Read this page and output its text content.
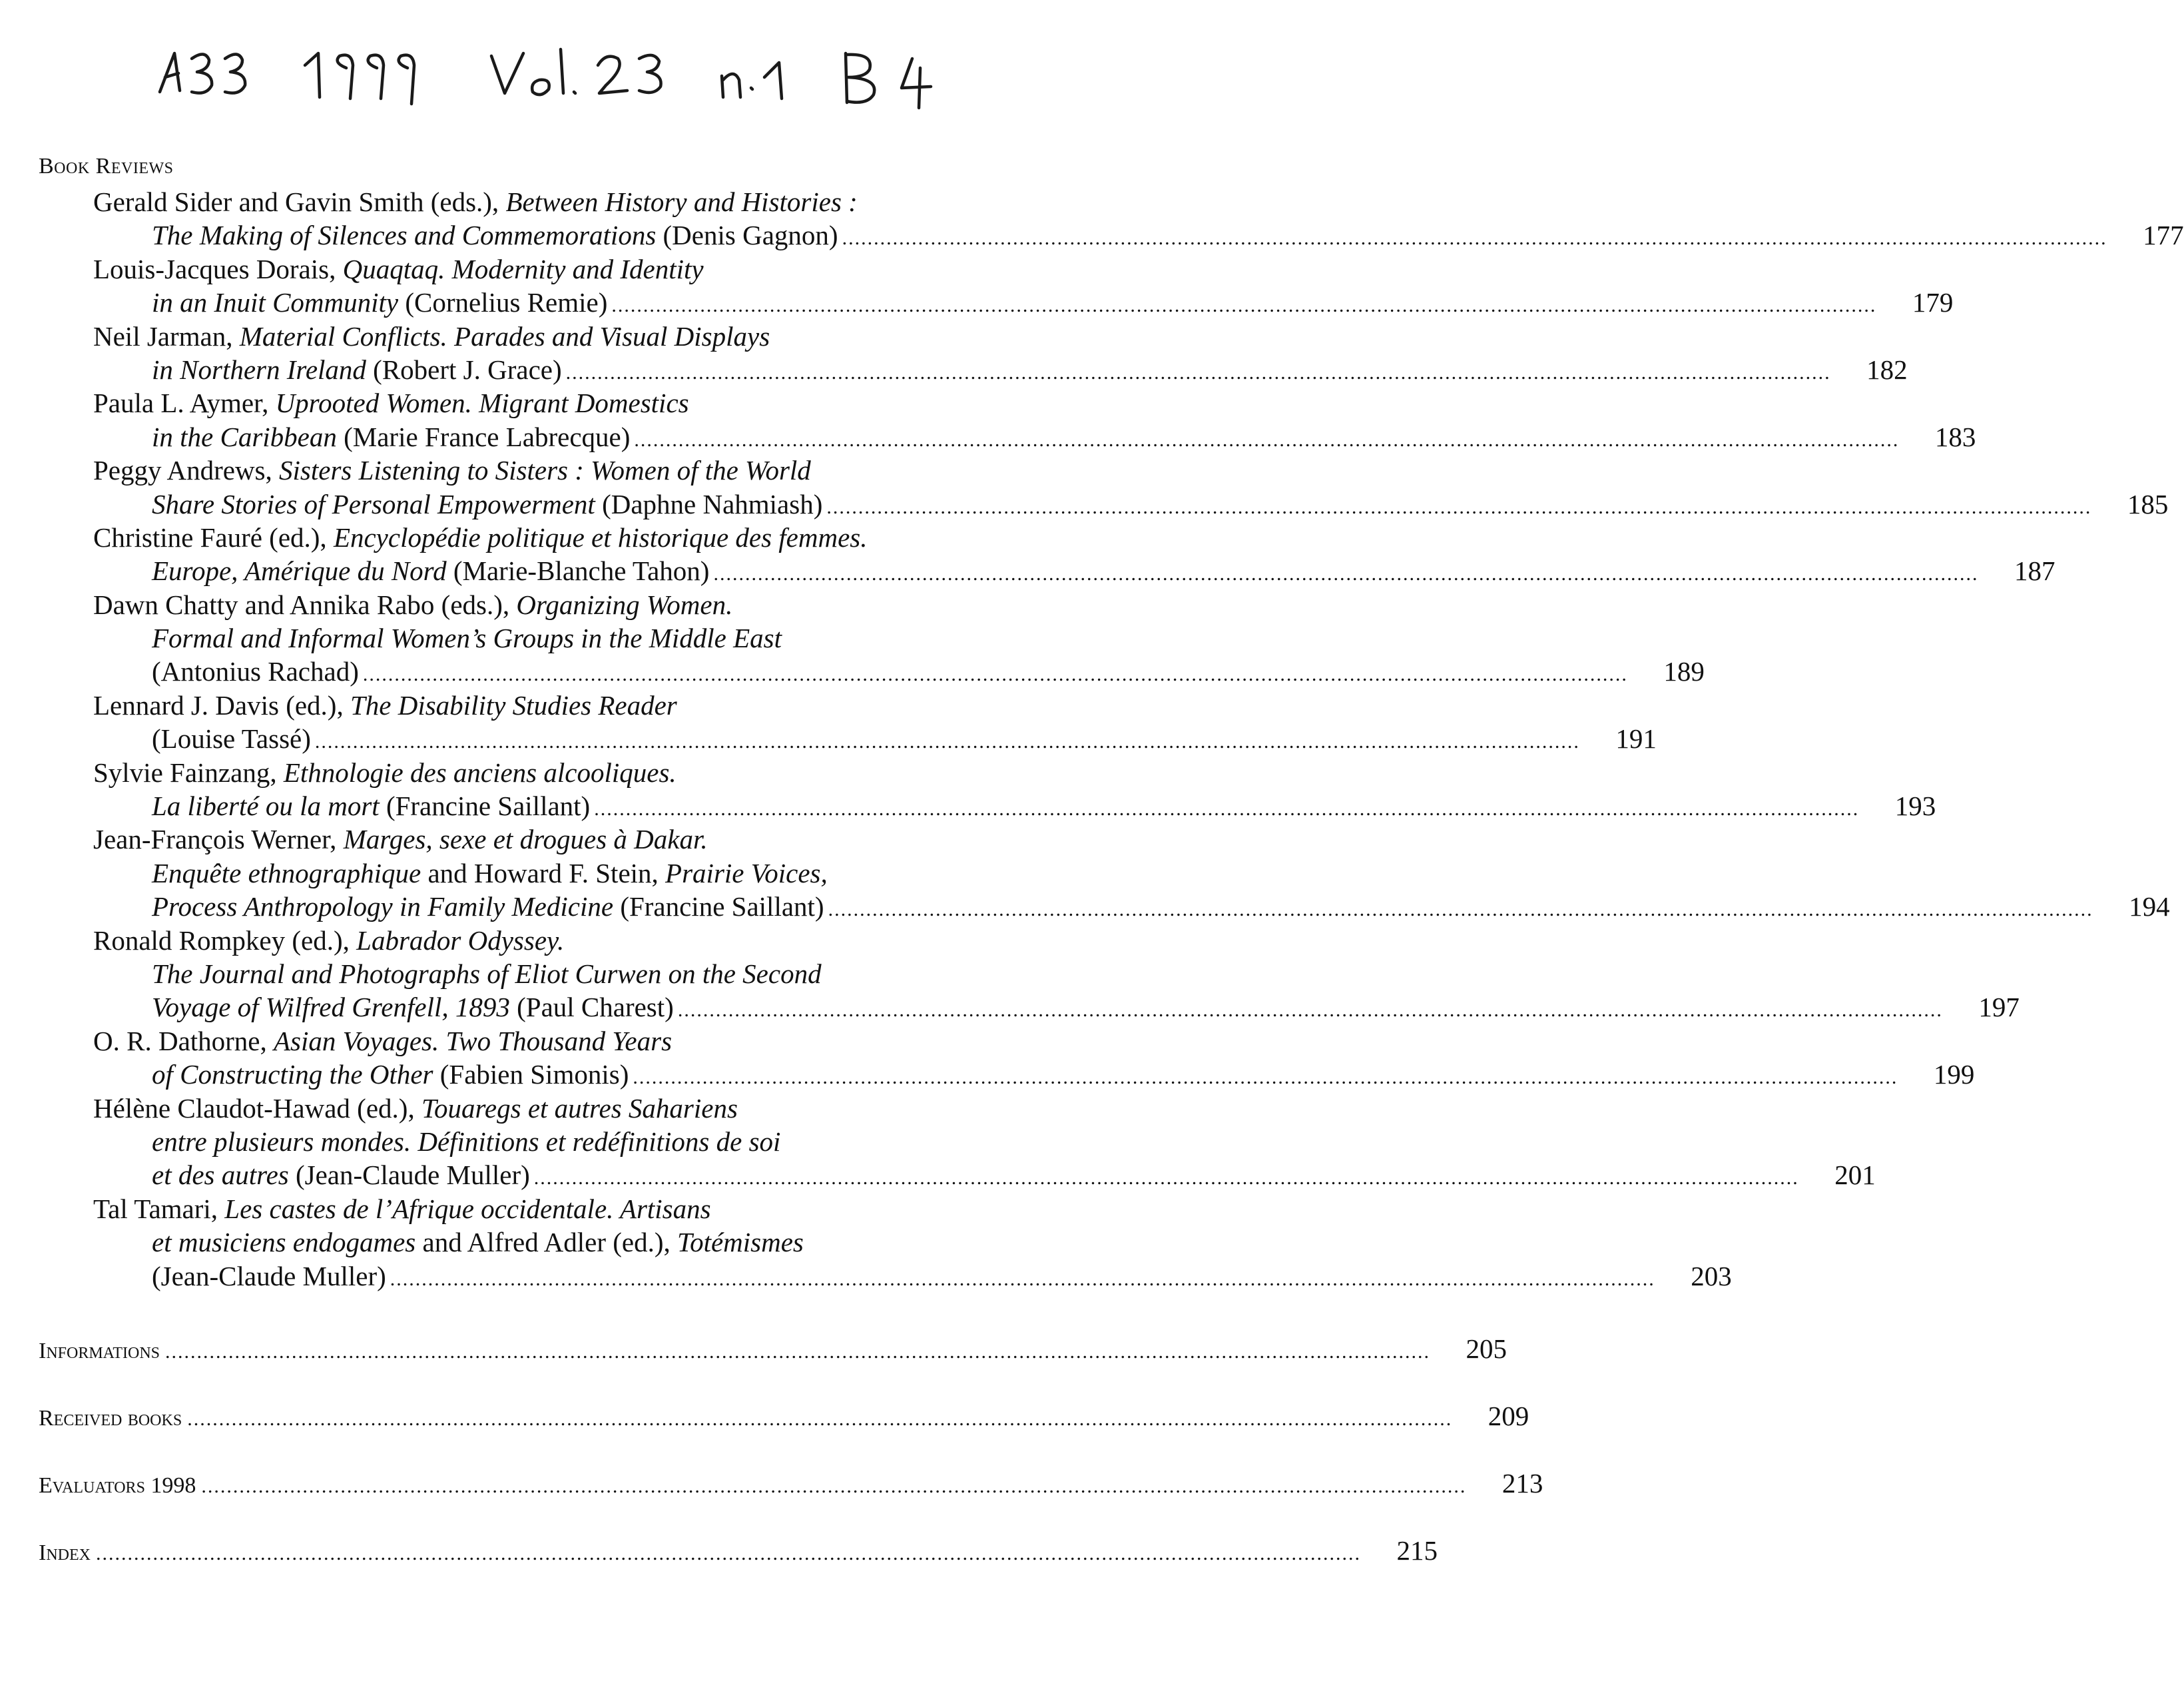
Book Reviews
Gerald Sider and Gavin Smith (eds.), Between History and Histories :
The Making of Silences and Commemorations (Denis Gagnon) ........................................................................................................................................................................................................	177
Louis-Jacques Dorais, Quaqtaq. Modernity and Identity
in an Inuit Community (Cornelius Remie) ........................................................................................................................................................................................................	179
Neil Jarman, Material Conflicts. Parades and Visual Displays
in Northern Ireland (Robert J. Grace) ........................................................................................................................................................................................................	182
Paula L. Aymer, Uprooted Women. Migrant Domestics
in the Caribbean (Marie France Labrecque) ........................................................................................................................................................................................................	183
Peggy Andrews, Sisters Listening to Sisters : Women of the World
Share Stories of Personal Empowerment (Daphne Nahmiash) ........................................................................................................................................................................................................	185
Christine Fauré (ed.), Encyclopédie politique et historique des femmes.
Europe, Amérique du Nord (Marie-Blanche Tahon) ........................................................................................................................................................................................................	187
Dawn Chatty and Annika Rabo (eds.), Organizing Women.
Formal and Informal Women’s Groups in the Middle East
(Antonius Rachad) ........................................................................................................................................................................................................	189
Lennard J. Davis (ed.), The Disability Studies Reader
(Louise Tassé) ........................................................................................................................................................................................................	191
Sylvie Fainzang, Ethnologie des anciens alcooliques.
La liberté ou la mort (Francine Saillant) ........................................................................................................................................................................................................	193
Jean-François Werner, Marges, sexe et drogues à Dakar.
Enquête ethnographique and Howard F. Stein, Prairie Voices,
Process Anthropology in Family Medicine (Francine Saillant) ........................................................................................................................................................................................................	194
Ronald Rompkey (ed.), Labrador Odyssey.
The Journal and Photographs of Eliot Curwen on the Second
Voyage of Wilfred Grenfell, 1893 (Paul Charest) ........................................................................................................................................................................................................	197
O. R. Dathorne, Asian Voyages. Two Thousand Years
of Constructing the Other (Fabien Simonis) ........................................................................................................................................................................................................	199
Hélène Claudot-Hawad (ed.), Touaregs et autres Sahariens
entre plusieurs mondes. Définitions et redéfinitions de soi
et des autres (Jean-Claude Muller) ........................................................................................................................................................................................................	201
Tal Tamari, Les castes de l’Afrique occidentale. Artisans
et musiciens endogames and Alfred Adler (ed.), Totémismes
(Jean-Claude Muller) ........................................................................................................................................................................................................	203
Informations ........................................................................................................................................................................................................	205
Received books ........................................................................................................................................................................................................	209
Evaluators 1998 ........................................................................................................................................................................................................	213
Index ........................................................................................................................................................................................................	215
